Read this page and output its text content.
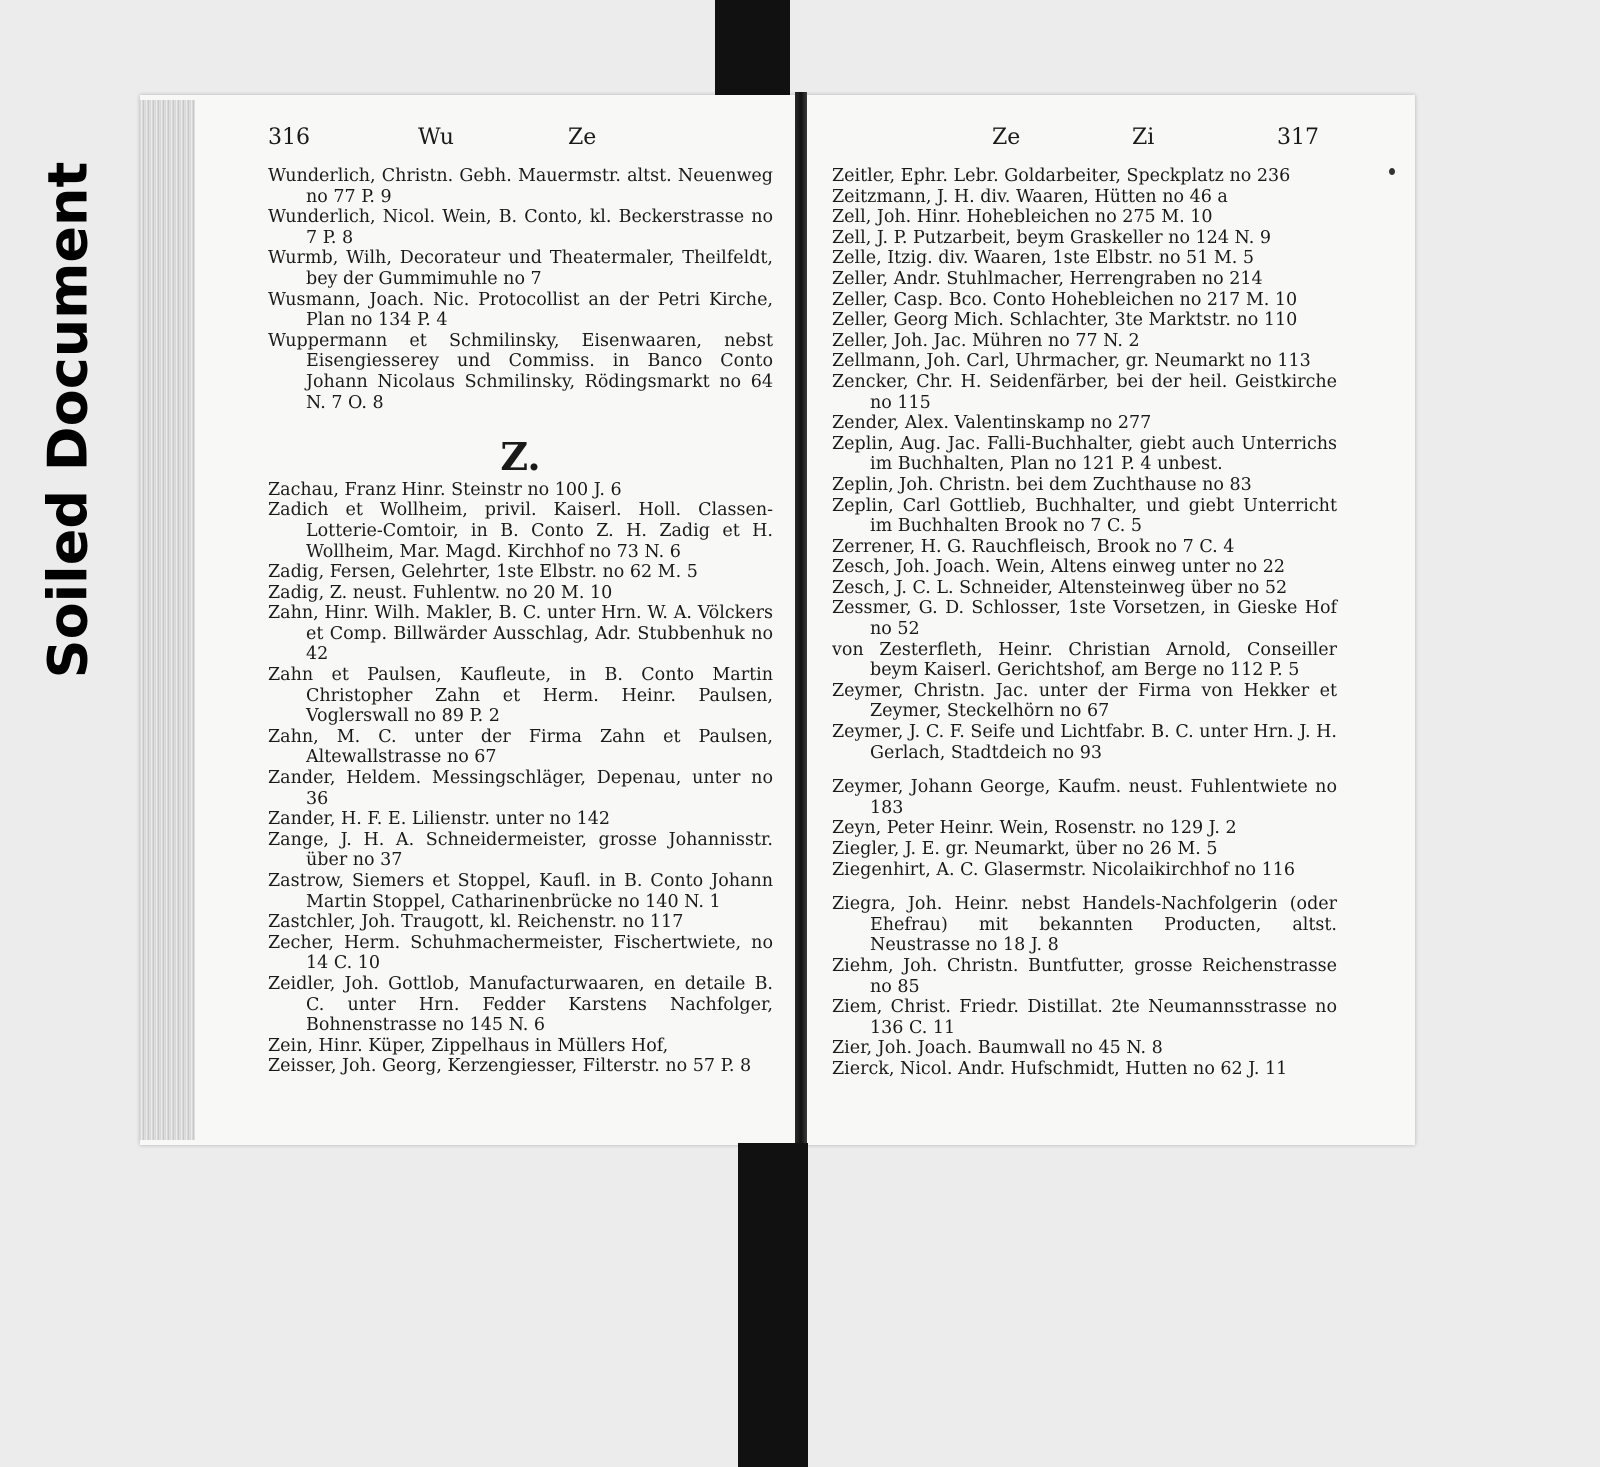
Soiled Document
316	Wu	Ze
Wunderlich, Christn. Gebh. Mauermstr. altst. Neuenweg no 77 P. 9
Wunderlich, Nicol. Wein, B. Conto, kl. Beckerstrasse no 7 P. 8
Wurmb, Wilh, Decorateur und Theatermaler, Theilfeldt, bey der Gummimuhle no 7
Wusmann, Joach. Nic. Protocollist an der Petri Kirche, Plan no 134 P. 4
Wuppermann et Schmilinsky, Eisenwaaren, nebst Eisengiesserey und Commiss. in Banco Conto Johann Nicolaus Schmilinsky, Rödingsmarkt no 64 N. 7 O. 8
Z.
Zachau, Franz Hinr. Steinstr no 100 J. 6
Zadich et Wollheim, privil. Kaiserl. Holl. Classen-Lotterie-Comtoir, in B. Conto Z. H. Zadig et H. Wollheim, Mar. Magd. Kirchhof no 73 N. 6
Zadig, Fersen, Gelehrter, 1ste Elbstr. no 62 M. 5
Zadig, Z. neust. Fuhlentw. no 20 M. 10
Zahn, Hinr. Wilh. Makler, B. C. unter Hrn. W. A. Völckers et Comp. Billwärder Ausschlag, Adr. Stubbenhuk no 42
Zahn et Paulsen, Kaufleute, in B. Conto Martin Christopher Zahn et Herm. Heinr. Paulsen, Voglerswall no 89 P. 2
Zahn, M. C. unter der Firma Zahn et Paulsen, Altewallstrasse no 67
Zander, Heldem. Messingschläger, Depenau, unter no 36
Zander, H. F. E. Lilienstr. unter no 142
Zange, J. H. A. Schneidermeister, grosse Johannisstr. über no 37
Zastrow, Siemers et Stoppel, Kaufl. in B. Conto Johann Martin Stoppel, Catharinenbrücke no 140 N. 1
Zastchler, Joh. Traugott, kl. Reichenstr. no 117
Zecher, Herm. Schuhmachermeister, Fischertwiete, no 14 C. 10
Zeidler, Joh. Gottlob, Manufacturwaaren, en detaile B. C. unter Hrn. Fedder Karstens Nachfolger, Bohnenstrasse no 145 N. 6
Zein, Hinr. Küper, Zippelhaus in Müllers Hof,
Zeisser, Joh. Georg, Kerzengiesser, Filterstr. no 57 P. 8
Ze	Zi	317
Zeitler, Ephr. Lebr. Goldarbeiter, Speckplatz no 236
Zeitzmann, J. H. div. Waaren, Hütten no 46 a
Zell, Joh. Hinr. Hohebleichen no 275 M. 10
Zell, J. P. Putzarbeit, beym Graskeller no 124 N. 9
Zelle, Itzig. div. Waaren, 1ste Elbstr. no 51 M. 5
Zeller, Andr. Stuhlmacher, Herrengraben no 214
Zeller, Casp. Bco. Conto Hohebleichen no 217 M. 10
Zeller, Georg Mich. Schlachter, 3te Marktstr. no 110
Zeller, Joh. Jac. Mühren no 77 N. 2
Zellmann, Joh. Carl, Uhrmacher, gr. Neumarkt no 113
Zencker, Chr. H. Seidenfärber, bei der heil. Geistkirche no 115
Zender, Alex. Valentinskamp no 277
Zeplin, Aug. Jac. Falli-Buchhalter, giebt auch Unterrichs im Buchhalten, Plan no 121 P. 4 unbest.
Zeplin, Joh. Christn. bei dem Zuchthause no 83
Zeplin, Carl Gottlieb, Buchhalter, und giebt Unterricht im Buchhalten Brook no 7 C. 5
Zerrener, H. G. Rauchfleisch, Brook no 7 C. 4
Zesch, Joh. Joach. Wein, Altens einweg unter no 22
Zesch, J. C. L. Schneider, Altensteinweg über no 52
Zessmer, G. D. Schlosser, 1ste Vorsetzen, in Gieske Hof no 52
von Zesterfleth, Heinr. Christian Arnold, Conseiller beym Kaiserl. Gerichtshof, am Berge no 112 P. 5
Zeymer, Christn. Jac. unter der Firma von Hekker et Zeymer, Steckelhörn no 67
Zeymer, J. C. F. Seife und Lichtfabr. B. C. unter Hrn. J. H. Gerlach, Stadtdeich no 93
Zeymer, Johann George, Kaufm. neust. Fuhlentwiete no 183
Zeyn, Peter Heinr. Wein, Rosenstr. no 129 J. 2
Ziegler, J. E. gr. Neumarkt, über no 26 M. 5
Ziegenhirt, A. C. Glasermstr. Nicolaikirchhof no 116
Ziegra, Joh. Heinr. nebst Handels-Nachfolgerin (oder Ehefrau) mit bekannten Producten, altst. Neustrasse no 18 J. 8
Ziehm, Joh. Christn. Buntfutter, grosse Reichenstrasse no 85
Ziem, Christ. Friedr. Distillat. 2te Neumannsstrasse no 136 C. 11
Zier, Joh. Joach. Baumwall no 45 N. 8
Zierck, Nicol. Andr. Hufschmidt, Hutten no 62 J. 11
